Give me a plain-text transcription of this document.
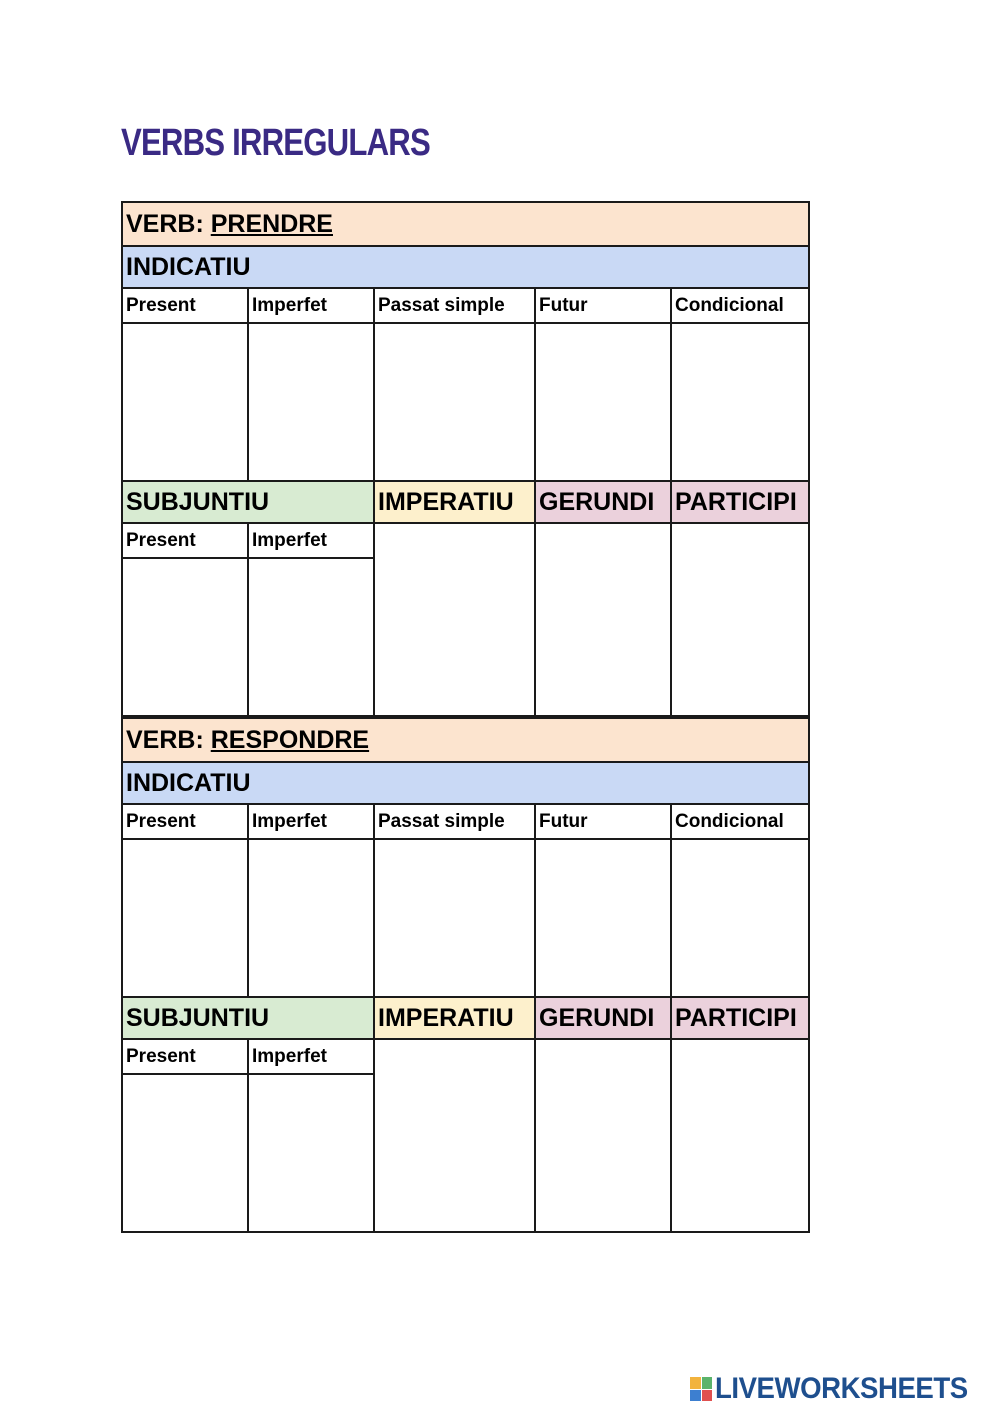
VERBS IRREGULARS
VERB: PRENDRE				
INDICATIU				
Present	Imperfet	Passat simple	Futur	Condicional

SUBJUNTIU		IMPERATIU	GERUNDI	PARTICIPI
Present	Imperfet			

VERB: RESPONDRE				
INDICATIU				
Present	Imperfet	Passat simple	Futur	Condicional

SUBJUNTIU		IMPERATIU	GERUNDI	PARTICIPI
Present	Imperfet			

LIVEWORKSHEETS
